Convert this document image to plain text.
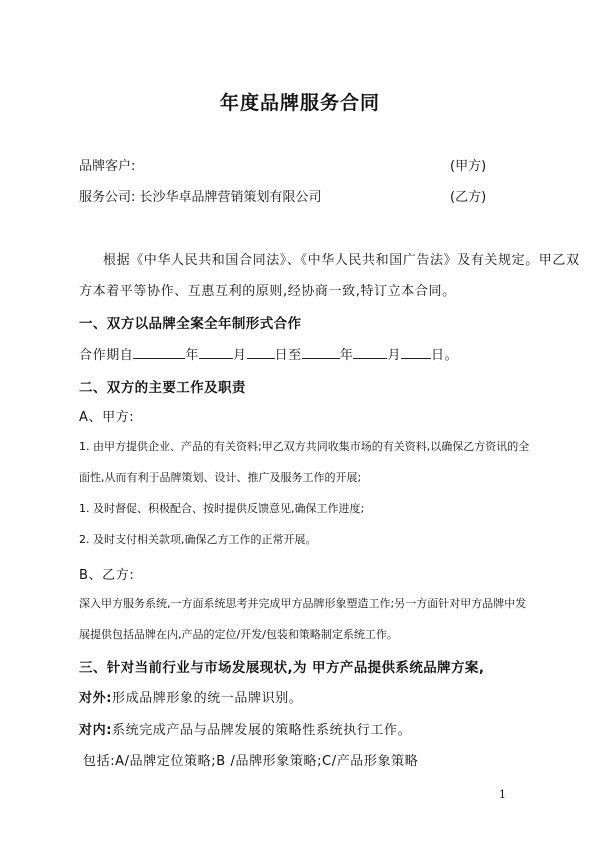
年度品牌服务合同
品牌客户:	(甲方)
服务公司: 长沙华卓品牌营销策划有限公司	(乙方)
根据《中华人民共和国合同法》、《中华人民共和国广告法》及有关规定。甲乙双
方本着平等协作、互惠互利的原则,经协商一致,特订立本合同。
一、双方以品牌全案全年制形式合作
合作期自	年	月 日至	年	月 日。
二、双方的主要工作及职责
A、甲方:
1. 由甲方提供企业、产品的有关资料;甲乙双方共同收集市场的有关资料,以确保乙方资讯的全
面性,从而有利于品牌策划、设计、推广及服务工作的开展;
1. 及时督促、积极配合、按时提供反馈意见,确保工作进度;
2. 及时支付相关款项,确保乙方工作的正常开展。
B、乙方:
深入甲方服务系统,一方面系统思考并完成甲方品牌形象塑造工作;另一方面针对甲方品牌中发
展提供包括品牌在内,产品的定位/开发/包装和策略制定系统工作。
三、针对当前行业与市场发展现状,为 甲方产品提供系统品牌方案,
对外:形成品牌形象的统一品牌识别。
对内:系统完成产品与品牌发展的策略性系统执行工作。
包括:A/品牌定位策略;B /品牌形象策略;C/产品形象策略
1
